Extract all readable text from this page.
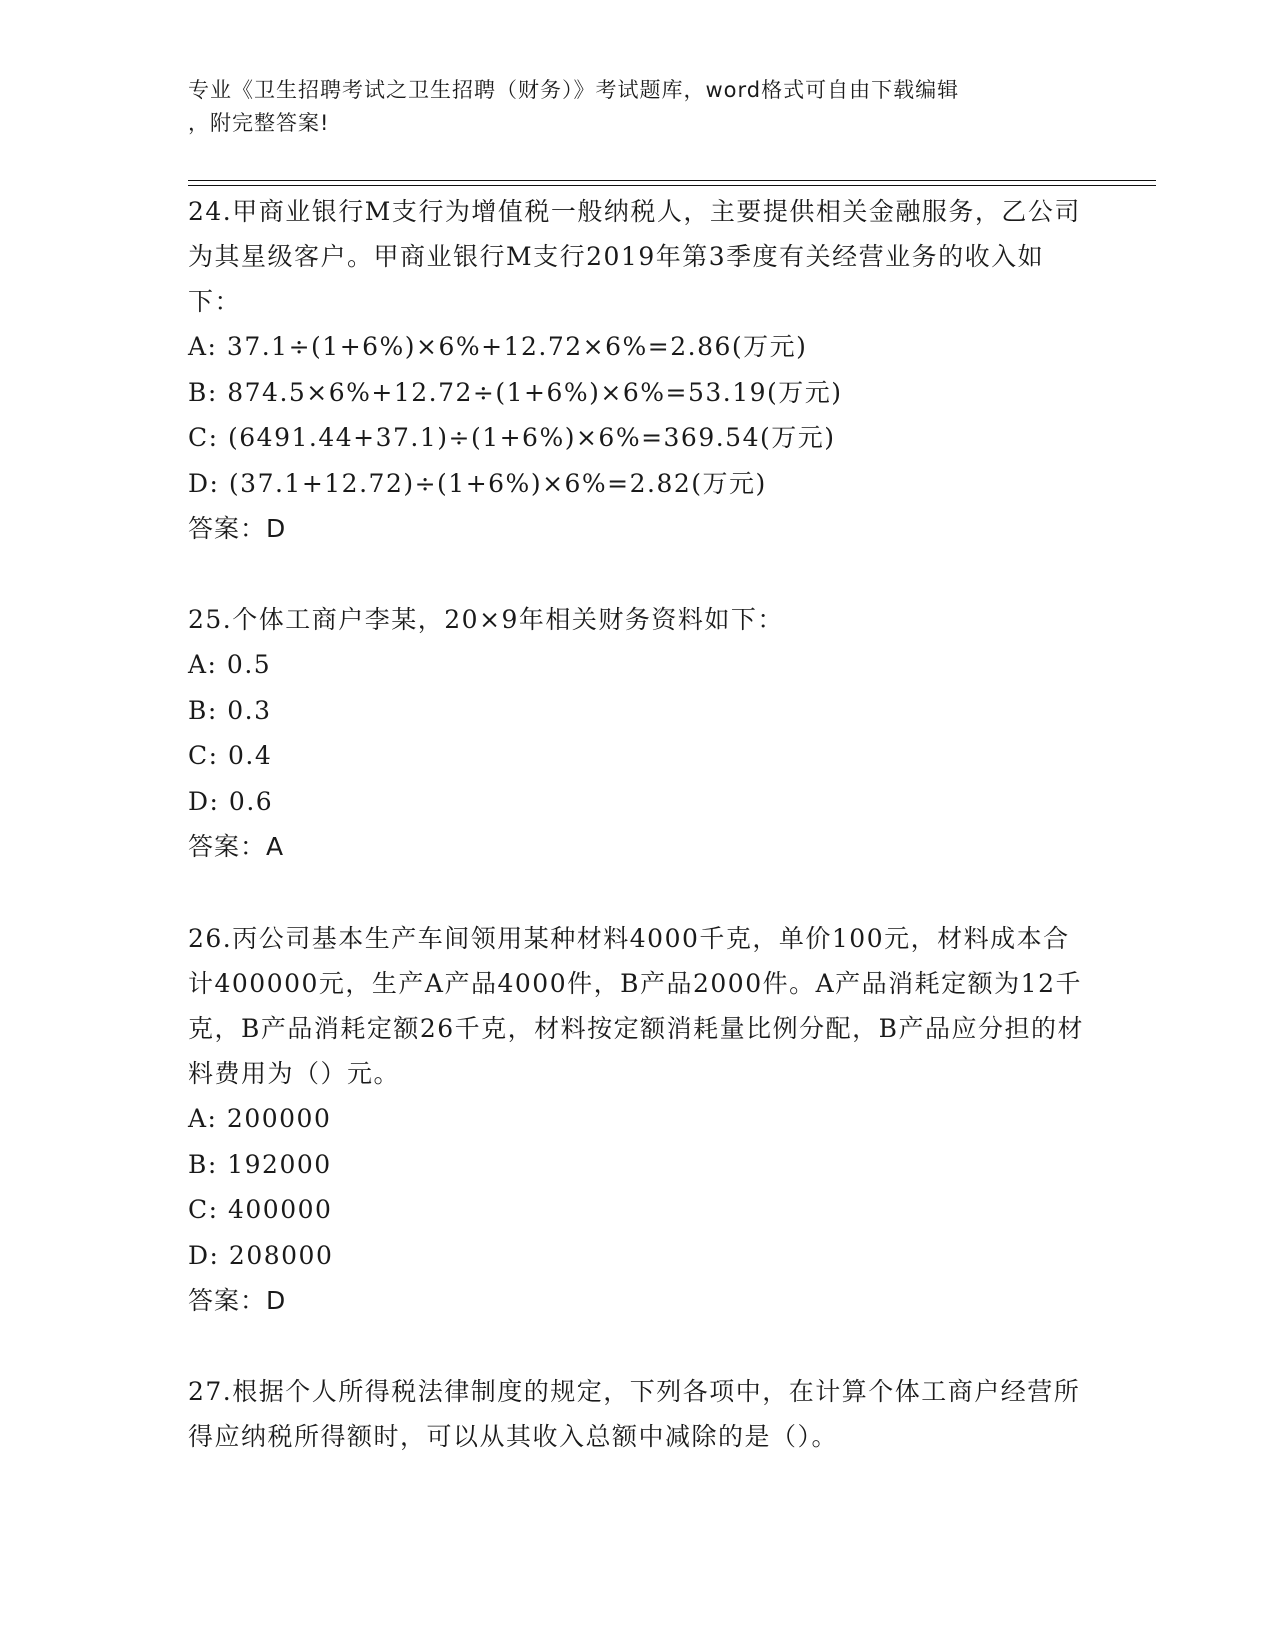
专业《卫生招聘考试之卫生招聘（财务）》考试题库，word格式可自由下载编辑
，附完整答案!
24.甲商业银行M支行为增值税一般纳税人，主要提供相关金融服务，乙公司为其星级客户。甲商业银行M支行2019年第3季度有关经营业务的收入如下：
A: 37.1÷(1+6%)×6%+12.72×6%=2.86(万元)
B: 874.5×6%+12.72÷(1+6%)×6%=53.19(万元)
C: (6491.44+37.1)÷(1+6%)×6%=369.54(万元)
D: (37.1+12.72)÷(1+6%)×6%=2.82(万元)
答案：D
25.个体工商户李某，20×9年相关财务资料如下：
A: 0.5
B: 0.3
C: 0.4
D: 0.6
答案：A
26.丙公司基本生产车间领用某种材料4000千克，单价100元，材料成本合计400000元，生产A产品4000件，B产品2000件。A产品消耗定额为12千克，B产品消耗定额26千克，材料按定额消耗量比例分配，B产品应分担的材料费用为（）元。
A: 200000
B: 192000
C: 400000
D: 208000
答案：D
27.根据个人所得税法律制度的规定，下列各项中，在计算个体工商户经营所得应纳税所得额时，可以从其收入总额中减除的是（）。
